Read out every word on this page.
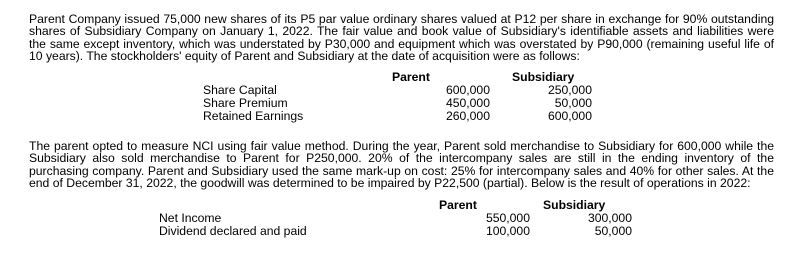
Parent Company issued 75,000 new shares of its P5 par value ordinary shares valued at P12 per share in exchange for 90% outstanding shares of Subsidiary Company on January 1, 2022. The fair value and book value of Subsidiary's identifiable assets and liabilities were the same except inventory, which was understated by P30,000 and equipment which was overstated by P90,000 (remaining useful life of 10 years). The stockholders' equity of Parent and Subsidiary at the date of acquisition were as follows:

Parent	Subsidiary
Share Capital	600,000	250,000
Share Premium	450,000	50,000
Retained Earnings	260,000	600,000

The parent opted to measure NCI using fair value method. During the year, Parent sold merchandise to Subsidiary for 600,000 while the Subsidiary also sold merchandise to Parent for P250,000. 20% of the intercompany sales are still in the ending inventory of the purchasing company. Parent and Subsidiary used the same mark-up on cost: 25% for intercompany sales and 40% for other sales. At the end of December 31, 2022, the goodwill was determined to be impaired by P22,500 (partial). Below is the result of operations in 2022:

Parent	Subsidiary
Net Income	550,000	300,000
Dividend declared and paid	100,000	50,000
